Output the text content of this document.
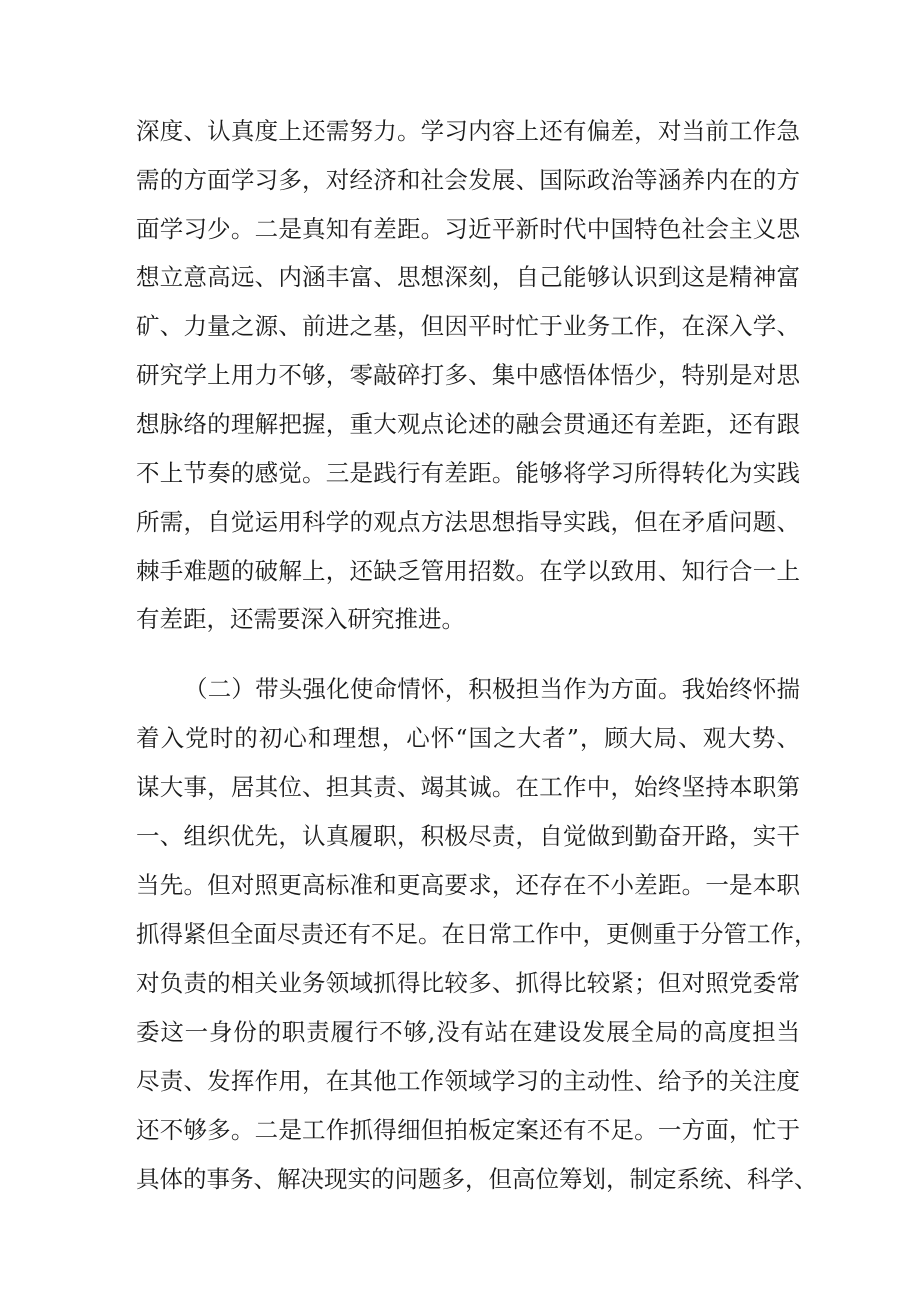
深度、认真度上还需努力。学习内容上还有偏差，对当前工作急
需的方面学习多，对经济和社会发展、国际政治等涵养内在的方
面学习少。二是真知有差距。习近平新时代中国特色社会主义思
想立意高远、内涵丰富、思想深刻，自己能够认识到这是精神富
矿、力量之源、前进之基，但因平时忙于业务工作，在深入学、
研究学上用力不够，零敲碎打多、集中感悟体悟少，特别是对思
想脉络的理解把握，重大观点论述的融会贯通还有差距，还有跟
不上节奏的感觉。三是践行有差距。能够将学习所得转化为实践
所需，自觉运用科学的观点方法思想指导实践，但在矛盾问题、
棘手难题的破解上，还缺乏管用招数。在学以致用、知行合一上
有差距，还需要深入研究推进。
（二）带头强化使命情怀，积极担当作为方面。我始终怀揣
着入党时的初心和理想，心怀“国之大者”，顾大局、观大势、
谋大事，居其位、担其责、竭其诚。在工作中，始终坚持本职第
一、组织优先，认真履职，积极尽责，自觉做到勤奋开路，实干
当先。但对照更高标准和更高要求，还存在不小差距。一是本职
抓得紧但全面尽责还有不足。在日常工作中，更侧重于分管工作，
对负责的相关业务领域抓得比较多、抓得比较紧；但对照党委常
委这一身份的职责履行不够,没有站在建设发展全局的高度担当
尽责、发挥作用，在其他工作领域学习的主动性、给予的关注度
还不够多。二是工作抓得细但拍板定案还有不足。一方面，忙于
具体的事务、解决现实的问题多，但高位筹划，制定系统、科学、
